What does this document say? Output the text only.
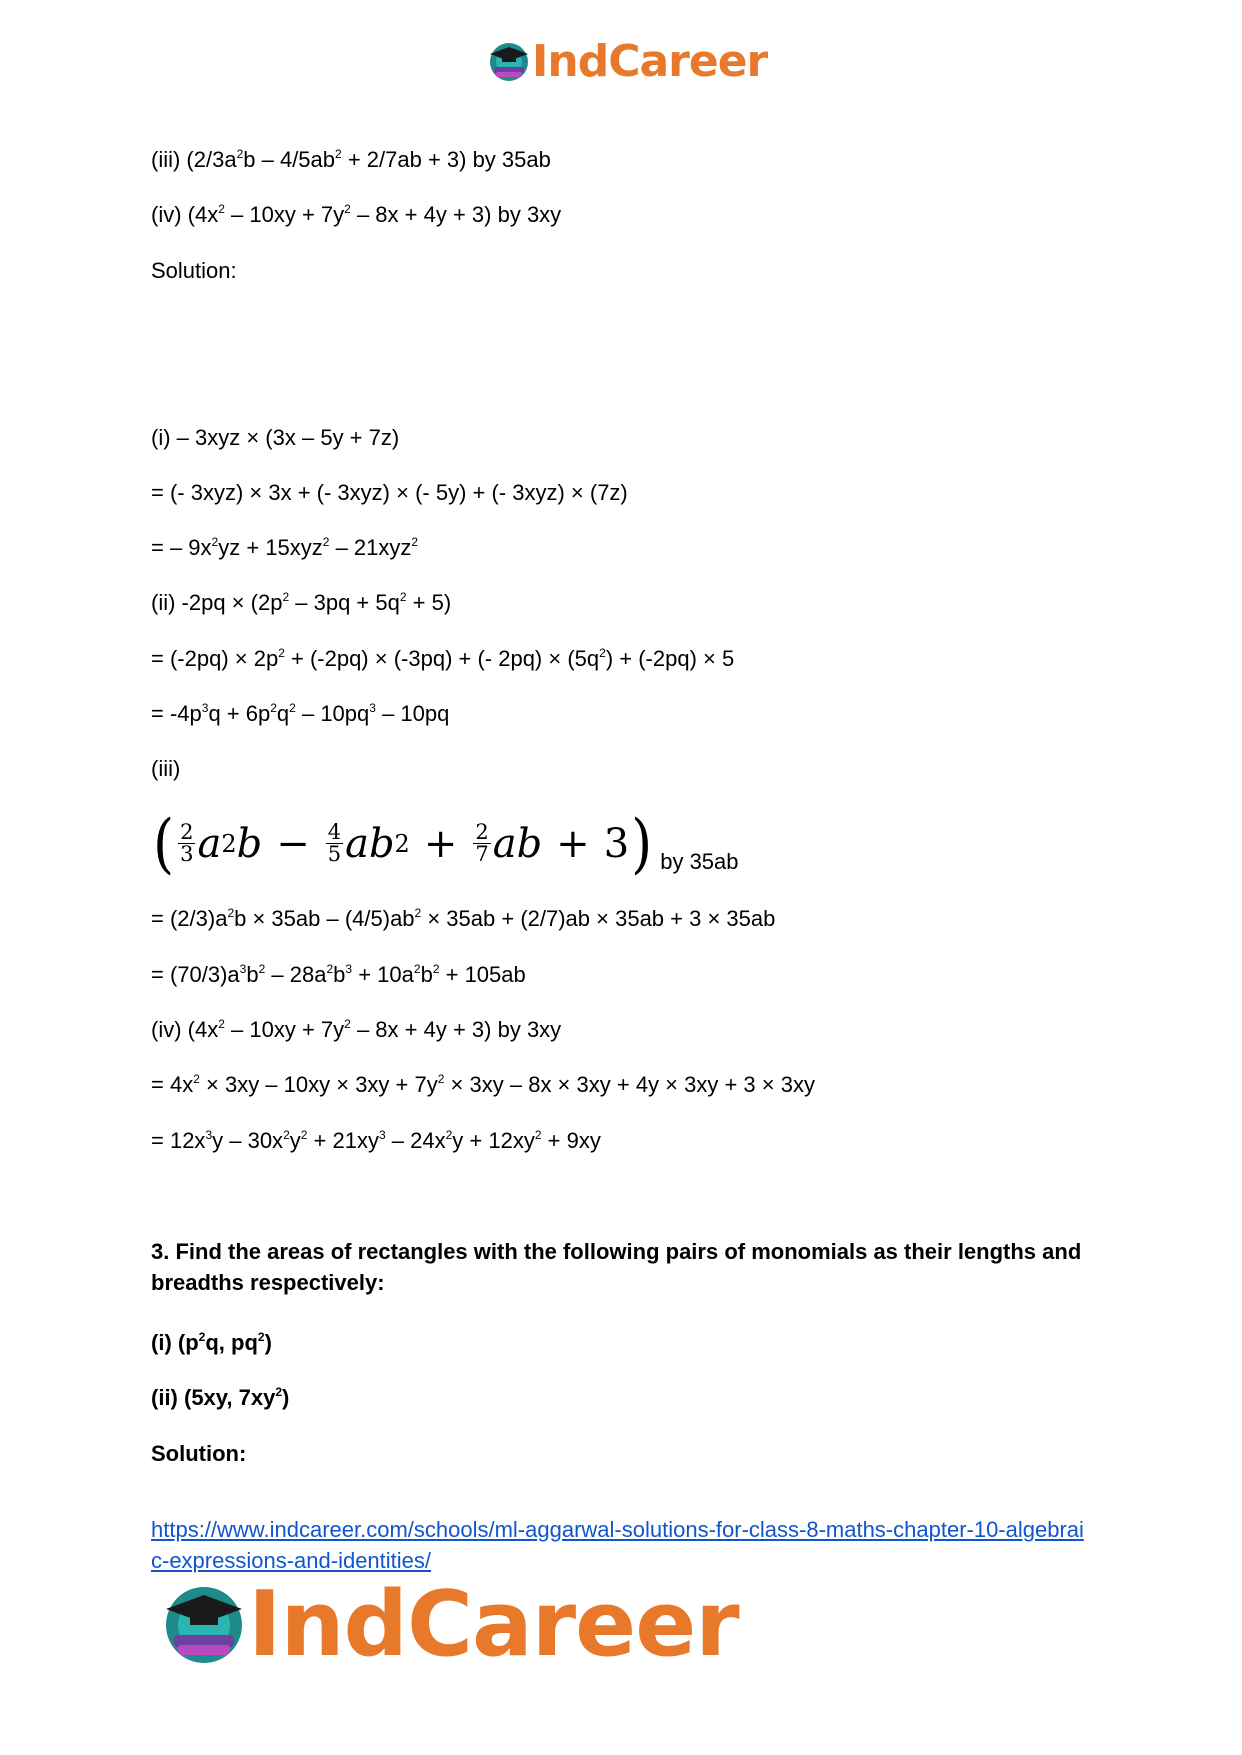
IndCareer
(iii) $(2/3a^2b - 4/5ab^2 + 2/7ab + 3)$ by 35ab
(iv) $(4x^2 - 10xy + 7y^2 - 8x + 4y + 3)$ by 3xy
Solution:
(i) – 3xyz × (3x – 5y + 7z)
= (- 3xyz) × 3x + (- 3xyz) × (- 5y) + (- 3xyz) × (7z)
= – $9x^2yz + 15xyz^2 - 21xyz^2$
(ii) $-2pq \times (2p^2 - 3pq + 5q^2 + 5)$
= $(-2pq) \times 2p^2 + (-2pq) \times (-3pq)$ + (- $2pq) \times (5q^2) + (-2pq) \times 5$
= $-4p^3q + 6p^2q^2 - 10pq^3 - 10pq$
(iii)
( $\frac{2}{3}$ a 2 $b - \frac{4}{5}$ ab $2 + \frac{2}{7}$ ab + 3 ) by 35ab
= $(2/3)a^2b \times 35ab - (4/5)ab^2 \times 35ab + (2/7)ab \times 35ab + 3 \times 35ab$
= $(70/3)a^3b^2 - 28a^2b^3 + 10a^2b^2 + 105ab$
(iv) $(4x^2 - 10xy + 7y^2 - 8x + 4y + 3)$ by 3xy
= $4x^2 \times 3xy - 10xy \times 3xy + 7y^2 \times 3xy - 8x \times 3xy + 4y \times 3xy + 3 \times 3xy$
= $12x^3y - 30x^2y^2 + 21xy^3 - 24x^2y + 12xy^2 + 9xy$
3. Find the areas of rectangles with the following pairs of monomials as their lengths and breadths respectively:
(i) ($p^2q$, $pq^2$)
(ii) (5xy, $7xy^2$)
Solution:
https://www.indcareer.com/schools/ml-aggarwal-solutions-for-class-8-maths-chapter-10-algebraic-expressions-and-identities/
IndCareer
